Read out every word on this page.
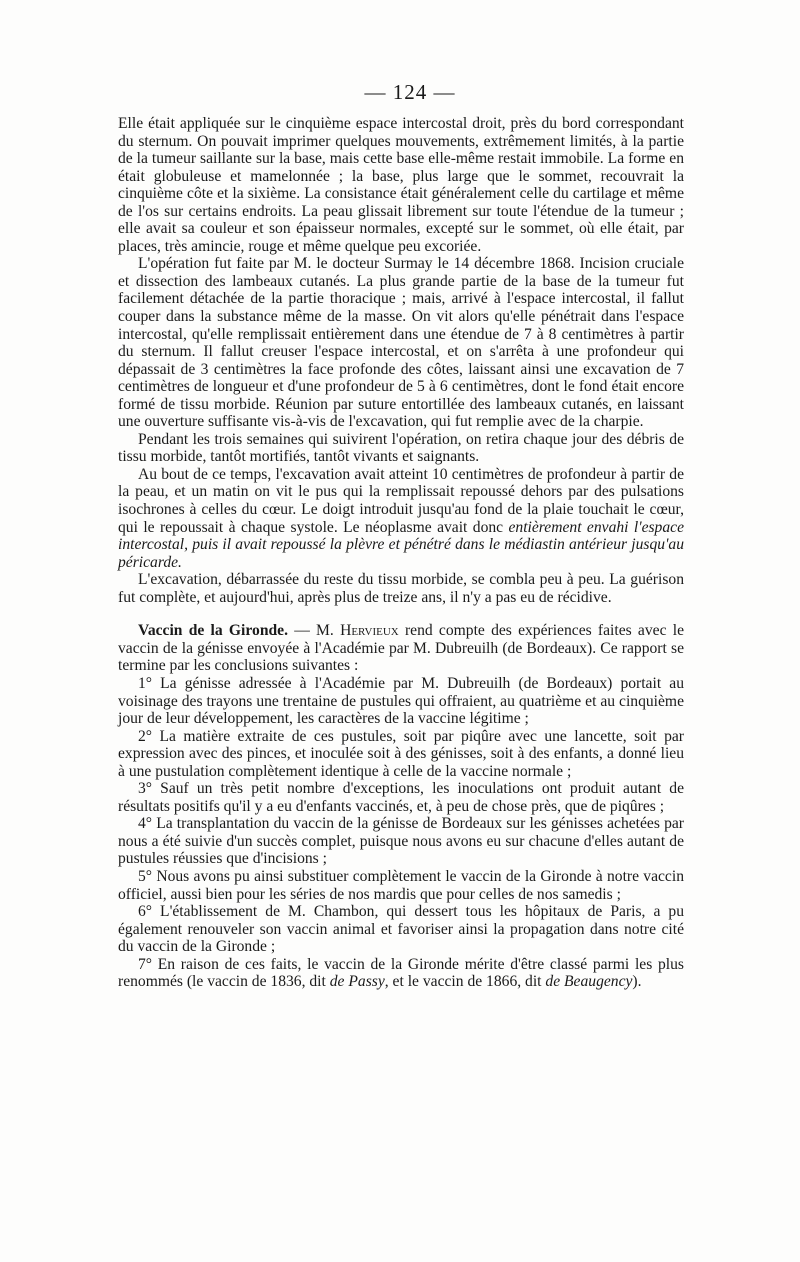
— 124 —

Elle était appliquée sur le cinquième espace intercostal droit, près du bord correspondant du sternum. On pouvait imprimer quelques mouvements, extrêmement limités, à la partie de la tumeur saillante sur la base, mais cette base elle-même restait immobile. La forme en était globuleuse et mamelonnée ; la base, plus large que le sommet, recouvrait la cinquième côte et la sixième. La consistance était généralement celle du cartilage et même de l'os sur certains endroits. La peau glissait librement sur toute l'étendue de la tumeur ; elle avait sa couleur et son épaisseur normales, excepté sur le sommet, où elle était, par places, très amincie, rouge et même quelque peu excoriée.

L'opération fut faite par M. le docteur Surmay le 14 décembre 1868. Incision cruciale et dissection des lambeaux cutanés. La plus grande partie de la base de la tumeur fut facilement détachée de la partie thoracique ; mais, arrivé à l'espace intercostal, il fallut couper dans la substance même de la masse. On vit alors qu'elle pénétrait dans l'espace intercostal, qu'elle remplissait entièrement dans une étendue de 7 à 8 centimètres à partir du sternum. Il fallut creuser l'espace intercostal, et on s'arrêta à une profondeur qui dépassait de 3 centimètres la face profonde des côtes, laissant ainsi une excavation de 7 centimètres de longueur et d'une profondeur de 5 à 6 centimètres, dont le fond était encore formé de tissu morbide. Réunion par suture entortillée des lambeaux cutanés, en laissant une ouverture suffisante vis-à-vis de l'excavation, qui fut remplie avec de la charpie.

Pendant les trois semaines qui suivirent l'opération, on retira chaque jour des débris de tissu morbide, tantôt mortifiés, tantôt vivants et saignants.

Au bout de ce temps, l'excavation avait atteint 10 centimètres de profondeur à partir de la peau, et un matin on vit le pus qui la remplissait repoussé dehors par des pulsations isochrones à celles du cœur. Le doigt introduit jusqu'au fond de la plaie touchait le cœur, qui le repoussait à chaque systole. Le néoplasme avait donc entièrement envahi l'espace intercostal, puis il avait repoussé la plèvre et pénétré dans le médiastin antérieur jusqu'au péricarde.

L'excavation, débarrassée du reste du tissu morbide, se combla peu à peu. La guérison fut complète, et aujourd'hui, après plus de treize ans, il n'y a pas eu de récidive.

Vaccin de la Gironde. — M. Hervieux rend compte des expériences faites avec le vaccin de la génisse envoyée à l'Académie par M. Dubreuilh (de Bordeaux). Ce rapport se termine par les conclusions suivantes :

1° La génisse adressée à l'Académie par M. Dubreuilh (de Bordeaux) portait au voisinage des trayons une trentaine de pustules qui offraient, au quatrième et au cinquième jour de leur développement, les caractères de la vaccine légitime ;

2° La matière extraite de ces pustules, soit par piqûre avec une lancette, soit par expression avec des pinces, et inoculée soit à des génisses, soit à des enfants, a donné lieu à une pustulation complètement identique à celle de la vaccine normale ;

3° Sauf un très petit nombre d'exceptions, les inoculations ont produit autant de résultats positifs qu'il y a eu d'enfants vaccinés, et, à peu de chose près, que de piqûres ;

4° La transplantation du vaccin de la génisse de Bordeaux sur les génisses achetées par nous a été suivie d'un succès complet, puisque nous avons eu sur chacune d'elles autant de pustules réussies que d'incisions ;

5° Nous avons pu ainsi substituer complètement le vaccin de la Gironde à notre vaccin officiel, aussi bien pour les séries de nos mardis que pour celles de nos samedis ;

6° L'établissement de M. Chambon, qui dessert tous les hôpitaux de Paris, a pu également renouveler son vaccin animal et favoriser ainsi la propagation dans notre cité du vaccin de la Gironde ;

7° En raison de ces faits, le vaccin de la Gironde mérite d'être classé parmi les plus renommés (le vaccin de 1836, dit de Passy, et le vaccin de 1866, dit de Beaugency).
